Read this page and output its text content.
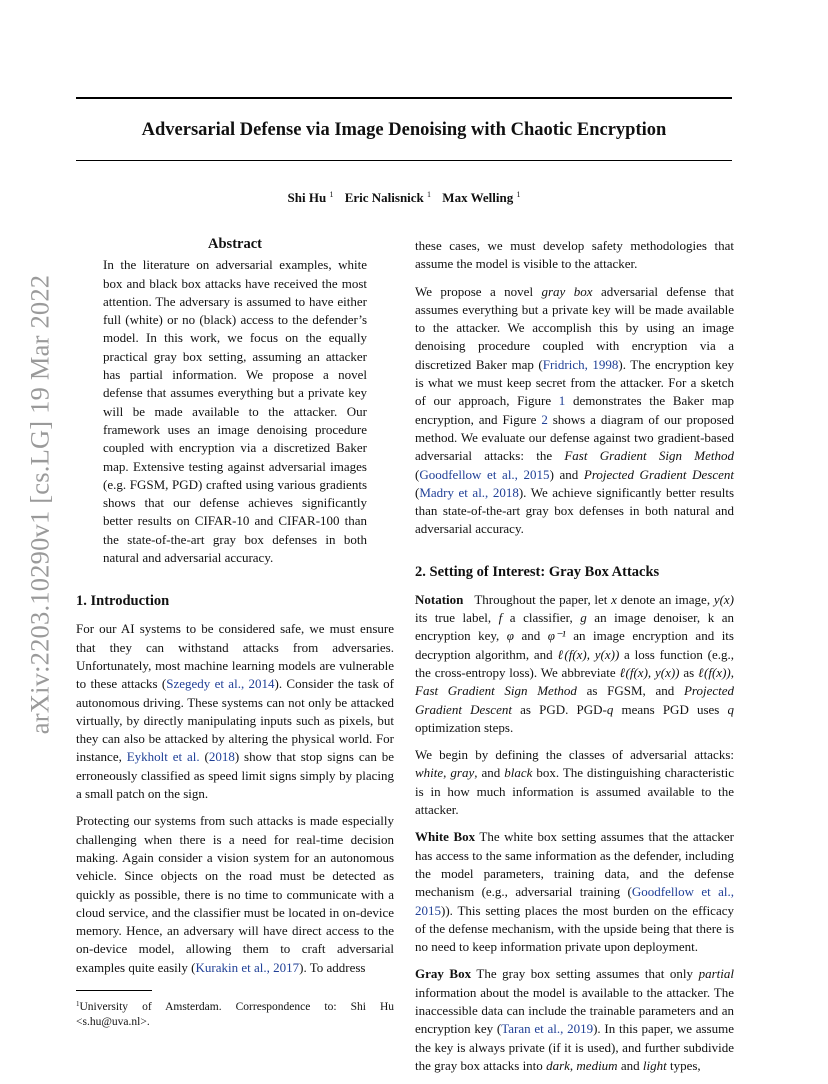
arXiv:2203.10290v1 [cs.LG] 19 Mar 2022
Adversarial Defense via Image Denoising with Chaotic Encryption
Shi Hu $^1$ Eric Nalisnick $^1$ Max Welling $^1$
Abstract

In the literature on adversarial examples, white box and black box attacks have received the most attention. The adversary is assumed to have either full (white) or no (black) access to the defender’s model. In this work, we focus on the equally practical gray box setting, assuming an attacker has partial information. We propose a novel defense that assumes everything but a private key will be made available to the attacker. Our framework uses an image denoising procedure coupled with encryption via a discretized Baker map. Extensive testing against adversarial images (e.g. FGSM, PGD) crafted using various gradients shows that our defense achieves significantly better results on CIFAR-10 and CIFAR-100 than the state-of-the-art gray box defenses in both natural and adversarial accuracy.

1. Introduction

For our AI systems to be considered safe, we must ensure that they can withstand attacks from adversaries. Unfortunately, most machine learning models are vulnerable to these attacks (Szegedy et al., 2014). Consider the task of autonomous driving. These systems can not only be attacked virtually, by directly manipulating inputs such as pixels, but they can also be attacked by altering the physical world. For instance, Eykholt et al. (2018) show that stop signs can be erroneously classified as speed limit signs simply by placing a small patch on the sign.

Protecting our systems from such attacks is made especially challenging when there is a need for real-time decision making. Again consider a vision system for an autonomous vehicle. Since objects on the road must be detected as quickly as possible, there is no time to communicate with a cloud service, and the classifier must be located in on-device memory. Hence, an adversary will have direct access to the on-device model, allowing them to craft adversarial examples quite easily (Kurakin et al., 2017). To address

$^1$University of Amsterdam. Correspondence to: Shi Hu <s.hu@uva.nl>.

these cases, we must develop safety methodologies that assume the model is visible to the attacker.

We propose a novel gray box adversarial defense that assumes everything but a private key will be made available to the attacker. We accomplish this by using an image denoising procedure coupled with encryption via a discretized Baker map (Fridrich, 1998). The encryption key is what we must keep secret from the attacker. For a sketch of our approach, Figure 1 demonstrates the Baker map encryption, and Figure 2 shows a diagram of our proposed method. We evaluate our defense against two gradient-based adversarial attacks: the Fast Gradient Sign Method (Goodfellow et al., 2015) and Projected Gradient Descent (Madry et al., 2018). We achieve significantly better results than state-of-the-art gray box defenses in both natural and adversarial accuracy.

2. Setting of Interest: Gray Box Attacks

Notation Throughout the paper, let x denote an image, y(x) its true label, f a classifier, g an image denoiser, k an encryption key, φ and φ⁻¹ an image encryption and its decryption algorithm, and ℓ(f(x), y(x)) a loss function (e.g., the cross-entropy loss). We abbreviate ℓ(f(x), y(x)) as ℓ(f(x)), Fast Gradient Sign Method as FGSM, and Projected Gradient Descent as PGD. PGD-q means PGD uses q optimization steps.

We begin by defining the classes of adversarial attacks: white, gray, and black box. The distinguishing characteristic is in how much information is assumed available to the attacker.

White Box The white box setting assumes that the attacker has access to the same information as the defender, including the model parameters, training data, and the defense mechanism (e.g., adversarial training (Goodfellow et al., 2015)). This setting places the most burden on the efficacy of the defense mechanism, with the upside being that there is no need to keep information private upon deployment.

Gray Box The gray box setting assumes that only partial information about the model is available to the attacker. The inaccessible data can include the trainable parameters and an encryption key (Taran et al., 2019). In this paper, we assume the key is always private (if it is used), and further subdivide the gray box attacks into dark, medium and light types,
